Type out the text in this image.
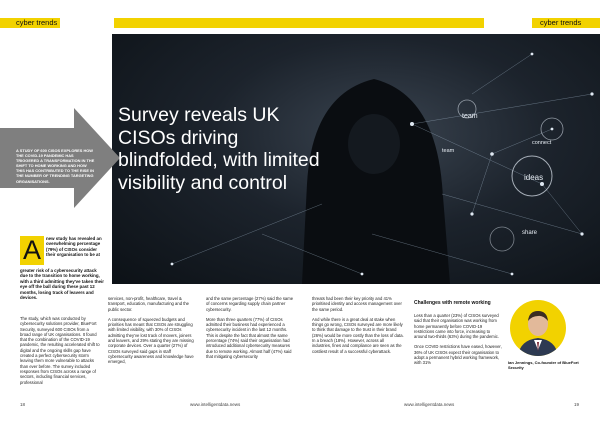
cyber trends	cyber trends
team
share
connect
team
ideas
A STUDY OF 600 CISOS EXPLORES HOW THE COVID-19 PANDEMIC HAS TRIGGERED A TRANSFORMATION IN THE SHIFT TO HOME WORKING AND HOW THIS HAS CONTRIBUTED TO THE RISE IN THE NUMBER OF TRENDING TARGETING ORGANISATIONS.
Survey reveals UK CISOs driving blindfolded, with limited visibility and control
A	new study has revealed an overwhelming percentage (79%) of CISOs consider their organisation to be at

greater risk of a cybersecurity attack due to the transition to home working, with a third admitting they've taken their eye off the ball during these past 12 months, losing track of leavers and devices.

The study, which was conducted by cybersecurity solutions provider, BlueFort Security, surveyed 600 CISOs from a broad range of UK organisations. It found that the combination of the COVID-19 pandemic, the resulting accelerated shift to digital and the ongoing skills gap have created a perfect cybersecurity storm leaving them more vulnerable to attacks than ever before. The survey included responses from CISOs across a range of sectors, including financial services, professional

services, non-profit, healthcare, travel & transport, education, manufacturing and the public sector.

A consequence of squeezed budgets and priorities has meant that CISOs are struggling with limited visibility, with 30% of CISOs admitting they've lost track of movers, joiners and leavers, and 29% stating they are missing corporate devices. Over a quarter (27%) of CISOs surveyed said gaps in staff cybersecurity awareness and knowledge have emerged,

and the same percentage (27%) said the same of concerns regarding supply chain partner cybersecurity.

More than three quarters (77%) of CISOs admitted their business had experienced a cybersecurity incident in the last 12 months. This is despite the fact that almost the same percentage (74%) said their organisation had introduced additional cybersecurity measures due to remote working. Almost half (47%) said that mitigating cybersecurity

threats had been their key priority and 41% prioritised identity and access management over the same period.

And while there is a great deal at stake when things go wrong, CISOs surveyed are more likely to think that damage to the trust in their brand (26%) would be more costly than the loss of data. In a breach (18%). However, across all industries, fines and compliance are seen as the costliest result of a successful cyberattack.

Challenges with remote working

Less than a quarter (23%) of CISOs surveyed said that their organisation was working from home permanently before COVID-19 restrictions came into force, increasing to around two-thirds (63%) during the pandemic.

Once COVID restrictions have eased, however, 36% of UK CISOs expect their organisation to adopt a permanent hybrid working framework, with 31%	Ian Jennings, Co-founder of BlueFort Security

18	www.intelligentdata.news	www.intelligentdata.news	19
